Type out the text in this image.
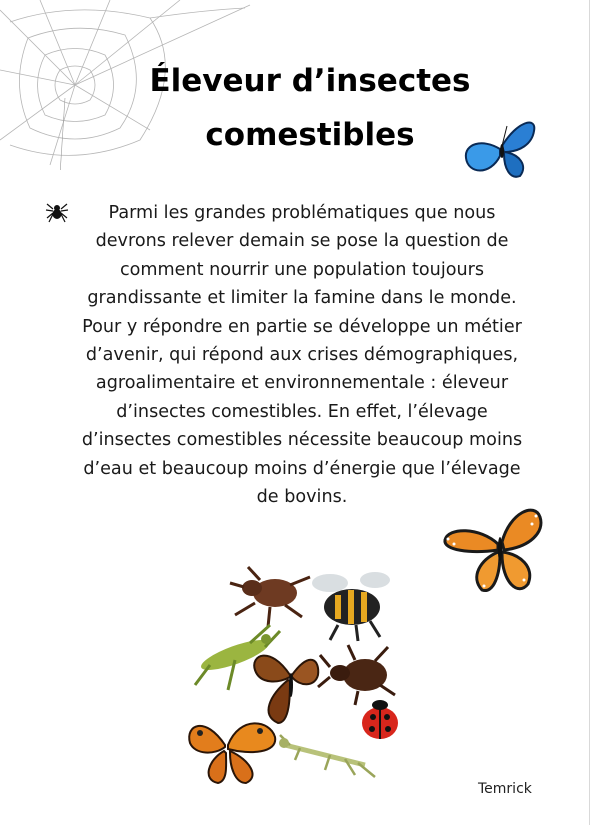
Éleveur d’insectes
comestibles

Parmi les grandes problématiques que nous devrons relever demain se pose la question de comment nourrir une population toujours grandissante et limiter la famine dans le monde. Pour y répondre en partie se développe un métier d’avenir, qui répond aux crises démographiques, agroalimentaire et environnementale : éleveur d’insectes comestibles. En effet, l’élevage d’insectes comestibles nécessite beaucoup moins d’eau et beaucoup moins d’énergie que l’élevage de bovins.

Temrick
